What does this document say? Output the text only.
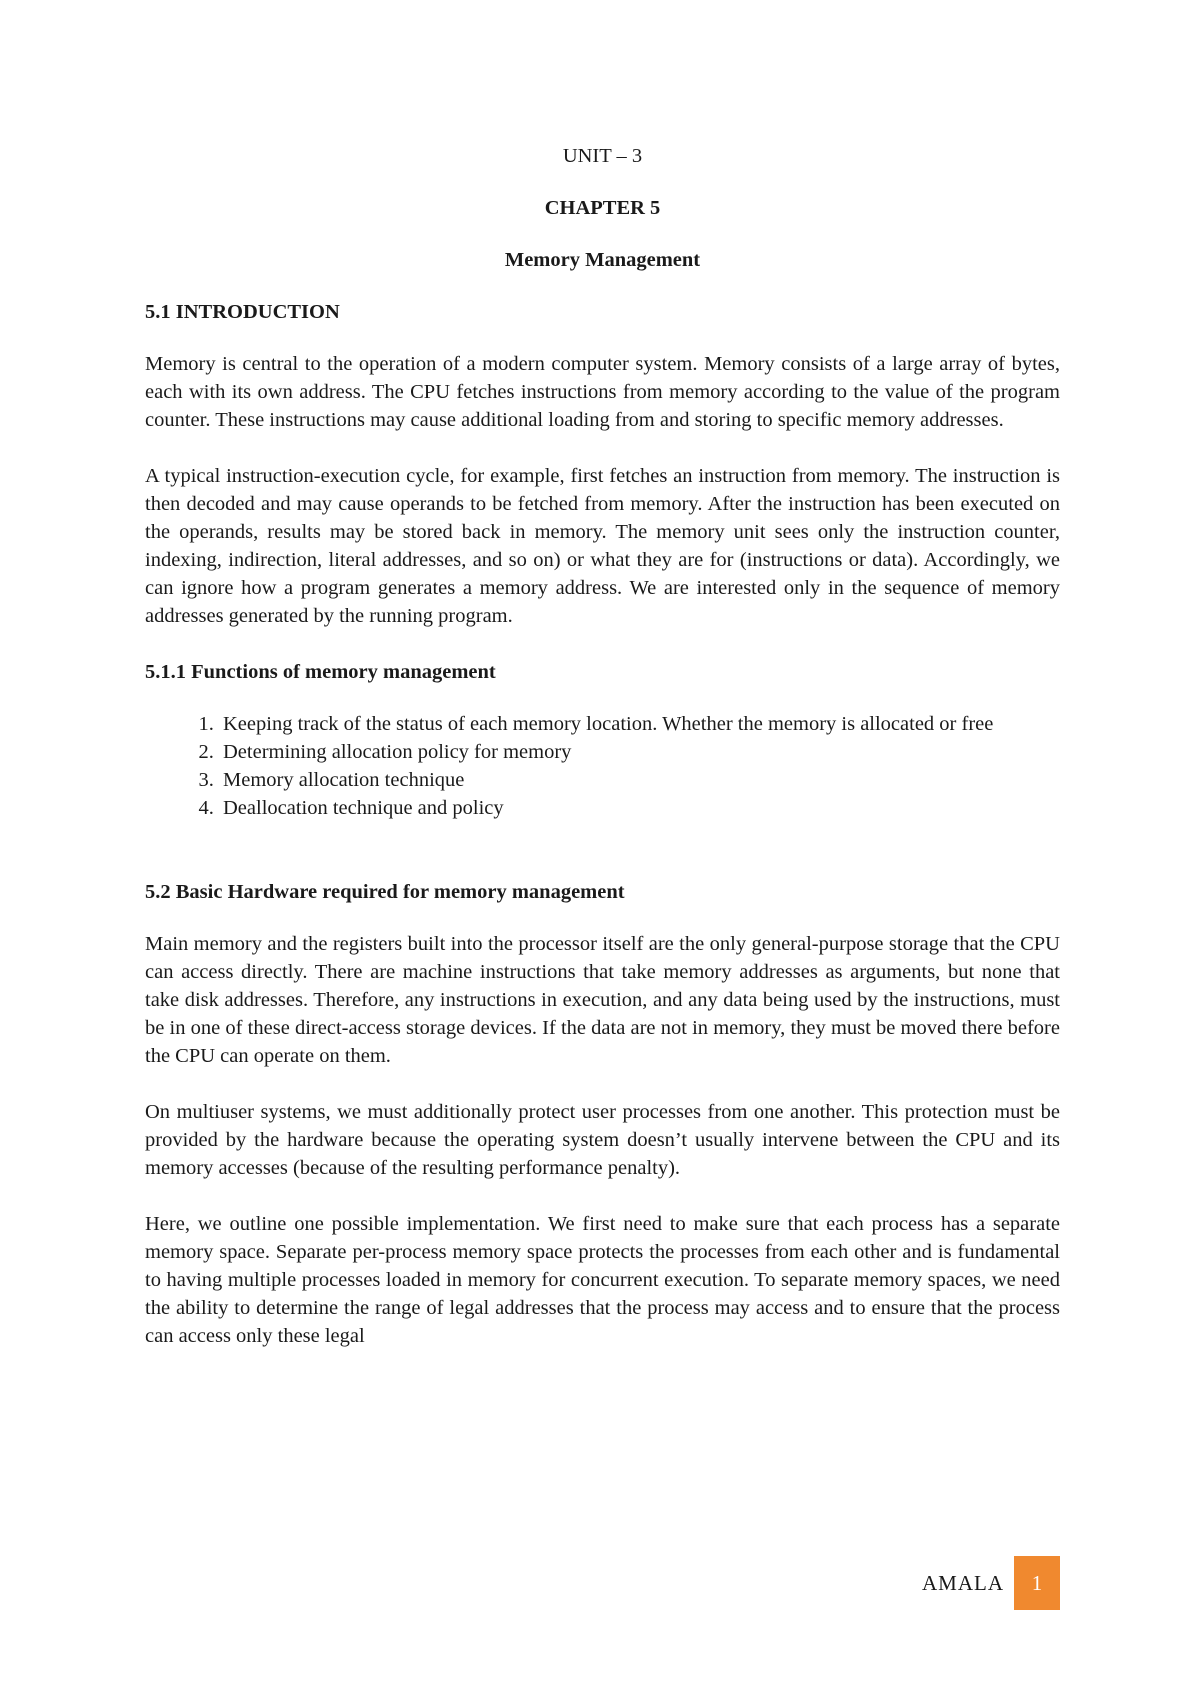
UNIT – 3
CHAPTER 5
Memory Management
5.1 INTRODUCTION

Memory is central to the operation of a modern computer system. Memory consists of a large array of bytes, each with its own address. The CPU fetches instructions from memory according to the value of the program counter. These instructions may cause additional loading from and storing to specific memory addresses.

A typical instruction-execution cycle, for example, first fetches an instruction from memory. The instruction is then decoded and may cause operands to be fetched from memory. After the instruction has been executed on the operands, results may be stored back in memory. The memory unit sees only the instruction counter, indexing, indirection, literal addresses, and so on) or what they are for (instructions or data). Accordingly, we can ignore how a program generates a memory address. We are interested only in the sequence of memory addresses generated by the running program.

5.1.1 Functions of memory management
1. Keeping track of the status of each memory location. Whether the memory is allocated or free
2. Determining allocation policy for memory
3. Memory allocation technique
4. Deallocation technique and policy
5.2 Basic Hardware required for memory management

Main memory and the registers built into the processor itself are the only general-purpose storage that the CPU can access directly. There are machine instructions that take memory addresses as arguments, but none that take disk addresses. Therefore, any instructions in execution, and any data being used by the instructions, must be in one of these direct-access storage devices. If the data are not in memory, they must be moved there before the CPU can operate on them.

On multiuser systems, we must additionally protect user processes from one another. This protection must be provided by the hardware because the operating system doesn’t usually intervene between the CPU and its memory accesses (because of the resulting performance penalty).

Here, we outline one possible implementation. We first need to make sure that each process has a separate memory space. Separate per-process memory space protects the processes from each other and is fundamental to having multiple processes loaded in memory for concurrent execution. To separate memory spaces, we need the ability to determine the range of legal addresses that the process may access and to ensure that the process can access only these legal

AMALA	1
